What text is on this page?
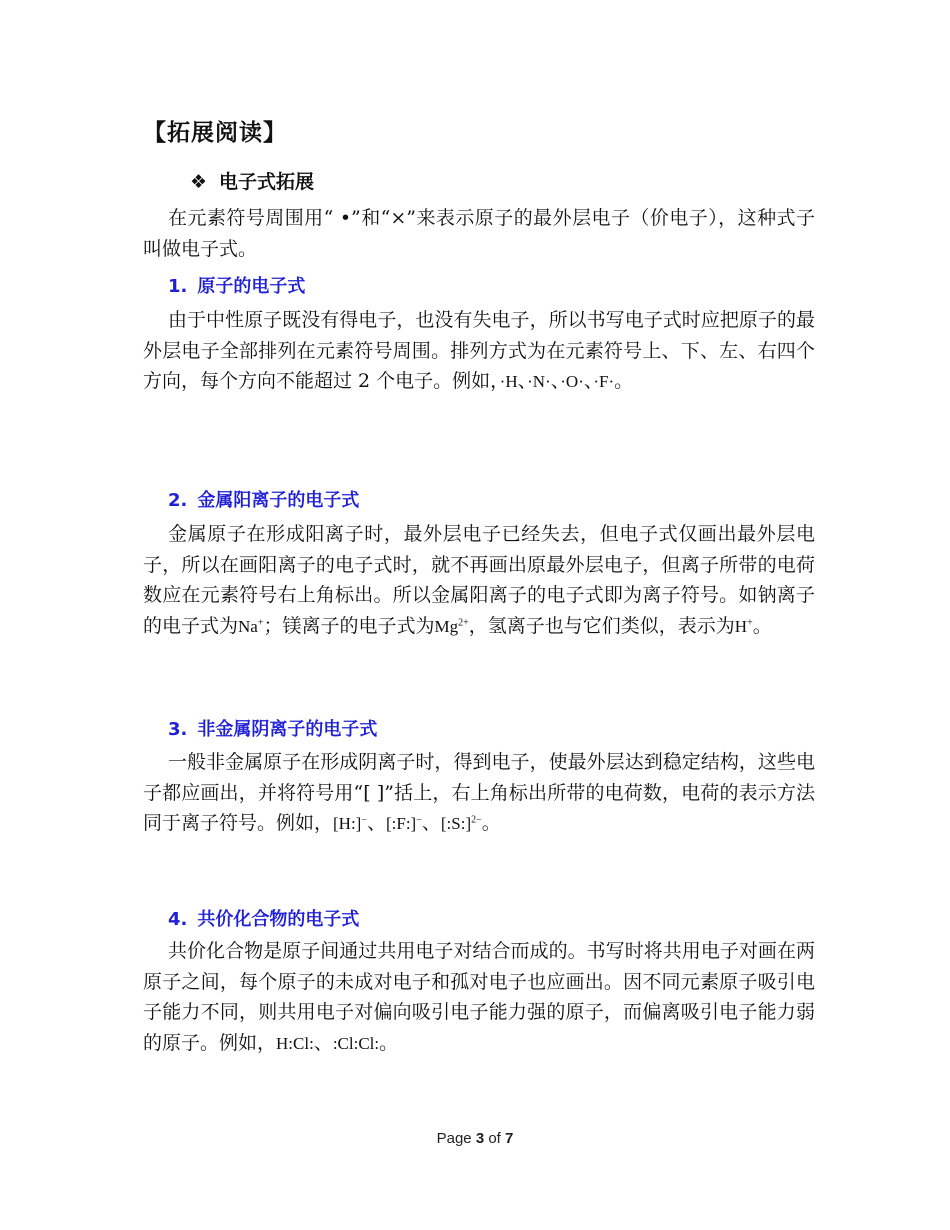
【拓展阅读】
❖ 电子式拓展

在元素符号周围用“ •”和“×”来表示原子的最外层电子（价电子），这种式子叫做电子式。

1. 原子的电子式

由于中性原子既没有得电子，也没有失电子，所以书写电子式时应把原子的最外层电子全部排列在元素符号周围。排列方式为在元素符号上、下、左、右四个方向，每个方向不能超过 2 个电子。例如，·H、·N·、·O·、·F·。

2. 金属阳离子的电子式

金属原子在形成阳离子时，最外层电子已经失去，但电子式仅画出最外层电子，所以在画阳离子的电子式时，就不再画出原最外层电子，但离子所带的电荷数应在元素符号右上角标出。所以金属阳离子的电子式即为离子符号。如钠离子的电子式为Na+；镁离子的电子式为$Mg^{2+}$，氢离子也与它们类似，表示为H+。

3. 非金属阴离子的电子式

一般非金属原子在形成阴离子时，得到电子，使最外层达到稳定结构，这些电子都应画出，并将符号用“[ ]”括上，右上角标出所带的电荷数，电荷的表示方法同于离子符号。例如，[H:]−、[:F:]−、[:S:]$^{2-}$。

4. 共价化合物的电子式

共价化合物是原子间通过共用电子对结合而成的。书写时将共用电子对画在两原子之间，每个原子的未成对电子和孤对电子也应画出。因不同元素原子吸引电子能力不同，则共用电子对偏向吸引电子能力强的原子，而偏离吸引电子能力弱的原子。例如，H:Cl:、:Cl:Cl:。

Page 3 of 7
